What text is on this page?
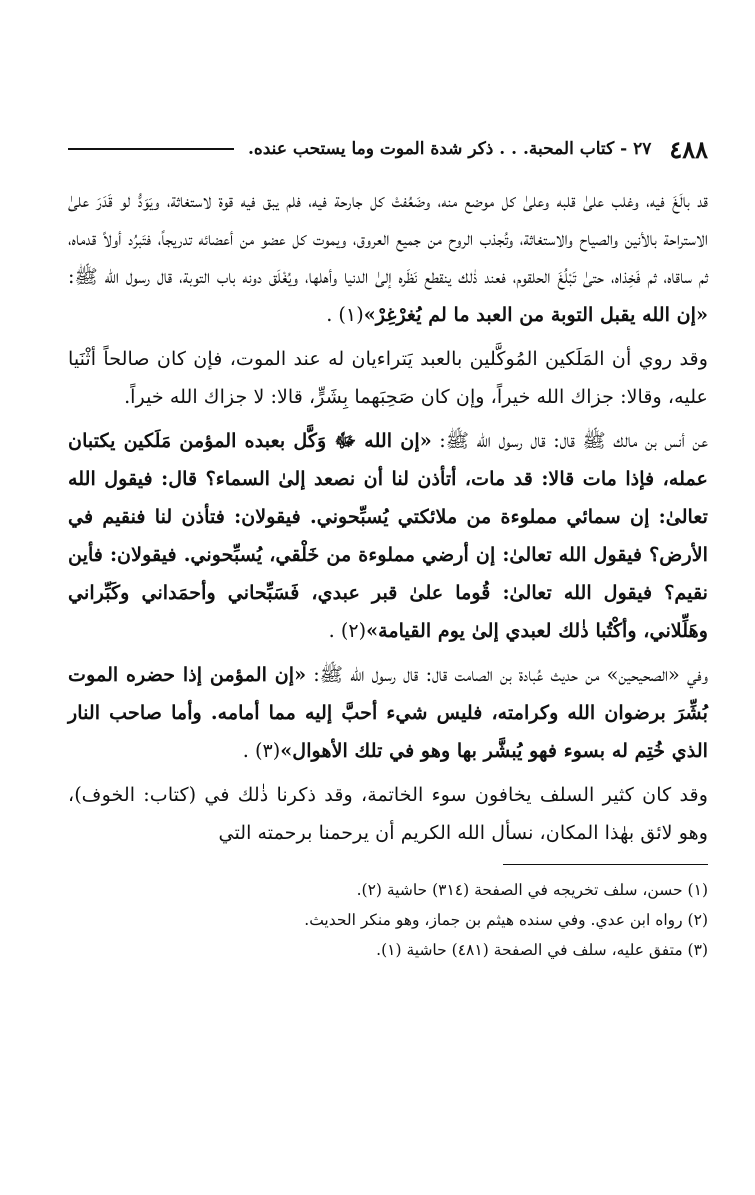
٤٨٨
٢٧ - كتاب المحبة. . . ذكر شدة الموت وما يستحب عنده.

قد بالَغَ فيه، وغلب علىٰ قلبه وعلىٰ كل موضع منه، وضَعُفتْ كل جارحة فيه، فلم يبق فيه قوة لاستغاثة، ويَوَدُّ لو قَدَرَ علىٰ الاستراحة بالأنين والصياح والاستغاثة، وتُجذب الروح من جميع العروق، ويموت كل عضو من أعضائه تدريجاً، فتَبرُد أولاً قدماه، ثم ساقاه، ثم فَخِذاه، حتىٰ تَبْلُغَ الحلقوم، فعند ذٰلك ينقطع نَظَره إلىٰ الدنيا وأهلها، ويُغْلَق دونه باب التوبة، قال رسول الله ﷺ: «إن الله يقبل التوبة من العبد ما لم يُغرْغِرْ»(١) .

وقد روي أن المَلَكين المُوكَّلين بالعبد يَتراءيان له عند الموت، فإن كان صالحاً أثْنَيا عليه، وقالا: جزاك الله خيراً، وإن كان صَحِبَهما بِشَرٍّ، قالا: لا جزاك الله خيراً.

عن أنس بن مالك ﷺ قال: قال رسول الله ﷺ: «إن الله ﷻ وَكَّل بعبده المؤمن مَلَكين يكتبان عمله، فإذا مات قالا: قد مات، أتأذن لنا أن نصعد إلىٰ السماء؟ قال: فيقول الله تعالىٰ: إن سمائي مملوءة من ملائكتي يُسبِّحوني. فيقولان: فتأذن لنا فنقيم في الأرض؟ فيقول الله تعالىٰ: إن أرضي مملوءة من خَلْقي، يُسبِّحوني. فيقولان: فأين نقيم؟ فيقول الله تعالىٰ: قُوما علىٰ قبر عبدي، فَسَبِّحاني وأحمَداني وكَبِّراني وهَلِّلاني، وأكْتُبا ذٰلك لعبدي إلىٰ يوم القيامة»(٢) .

وفي «الصحيحين» من حديث عُبادة بن الصامت قال: قال رسول الله ﷺ: «إن المؤمن إذا حضره الموت بُشِّرَ برضوان الله وكرامته، فليس شيء أحبَّ إليه مما أمامه. وأما صاحب النار الذي خُتِم له بسوء فهو يُبشَّر بها وهو في تلك الأهوال»(٣) .

وقد كان كثير السلف يخافون سوء الخاتمة، وقد ذكرنا ذٰلك في (كتاب: الخوف)، وهو لائق بهٰذا المكان، نسأل الله الكريم أن يرحمنا برحمته التي

(١) حسن، سلف تخريجه في الصفحة (٣١٤) حاشية (٢).
(٢) رواه ابن عدي. وفي سنده هيثم بن جماز، وهو منكر الحديث.
(٣) متفق عليه، سلف في الصفحة (٤٨١) حاشية (١).
